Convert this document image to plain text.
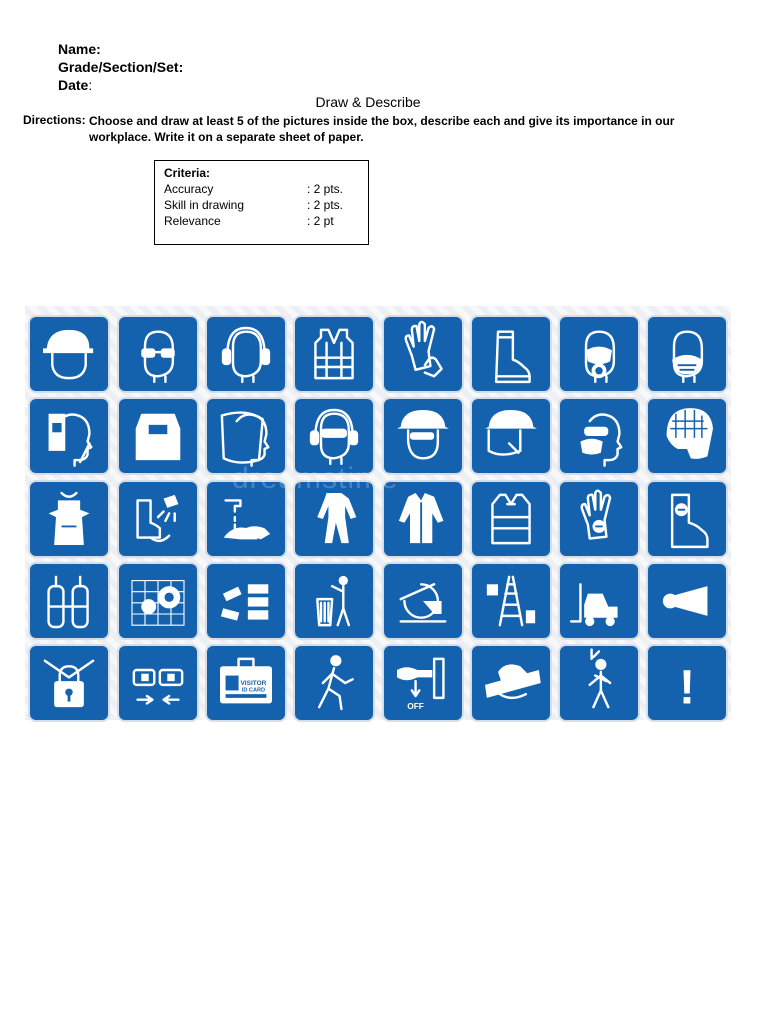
Name:
Grade/Section/Set:
Date:
Draw & Describe
Directions: Choose and draw at least 5 of the pictures inside the box, describe each and give its importance in our workplace. Write it on a separate sheet of paper.
Criteria:
Accuracy	: 2 pts.
Skill in drawing	: 2 pts.
Relevance	: 2 pt
VISITOR
ID CARD
OFF	!
dreamstime
